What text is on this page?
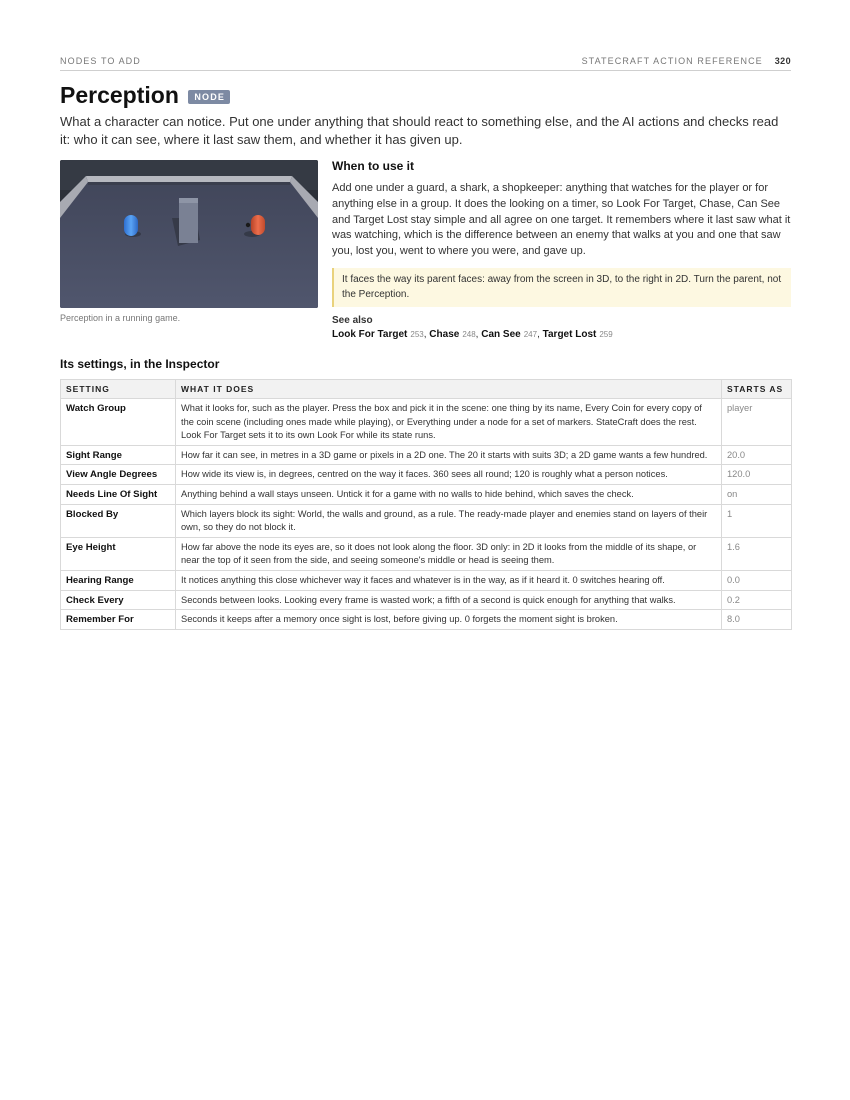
NODES TO ADD	STATECRAFT ACTION REFERENCE 320
Perception NODE

What a character can notice. Put one under anything that should react to something else, and the AI actions and checks read it: who it can see, where it last saw them, and whether it has given up.

Perception in a running game.
When to use it

Add one under a guard, a shark, a shopkeeper: anything that watches for the player or for anything else in a group. It does the looking on a timer, so Look For Target, Chase, Can See and Target Lost stay simple and all agree on one target. It remembers where it last saw what it was watching, which is the difference between an enemy that walks at you and one that saw you, lost you, went to where you were, and gave up.

It faces the way its parent faces: away from the screen in 3D, to the right in 2D. Turn the parent, not the Perception.
See also
Look For Target 253, Chase 248, Can See 247, Target Lost 259
Its settings, in the Inspector
SETTING	WHAT IT DOES	STARTS AS
Watch Group	What it looks for, such as the player. Press the box and pick it in the scene: one thing by its name, Every Coin for every copy of the coin scene (including ones made while playing), or Everything under a node for a set of markers. StateCraft does the rest. Look For Target sets it to its own Look For while its state runs.	player
Sight Range	How far it can see, in metres in a 3D game or pixels in a 2D one. The 20 it starts with suits 3D; a 2D game wants a few hundred.	20.0
View Angle Degrees	How wide its view is, in degrees, centred on the way it faces. 360 sees all round; 120 is roughly what a person notices.	120.0
Needs Line Of Sight	Anything behind a wall stays unseen. Untick it for a game with no walls to hide behind, which saves the check.	on
Blocked By	Which layers block its sight: World, the walls and ground, as a rule. The ready-made player and enemies stand on layers of their own, so they do not block it.	1
Eye Height	How far above the node its eyes are, so it does not look along the floor. 3D only: in 2D it looks from the middle of its shape, or near the top of it seen from the side, and seeing someone's middle or head is seeing them.	1.6
Hearing Range	It notices anything this close whichever way it faces and whatever is in the way, as if it heard it. 0 switches hearing off.	0.0
Check Every	Seconds between looks. Looking every frame is wasted work; a fifth of a second is quick enough for anything that walks.	0.2
Remember For	Seconds it keeps after a memory once sight is lost, before giving up. 0 forgets the moment sight is broken.	8.0
